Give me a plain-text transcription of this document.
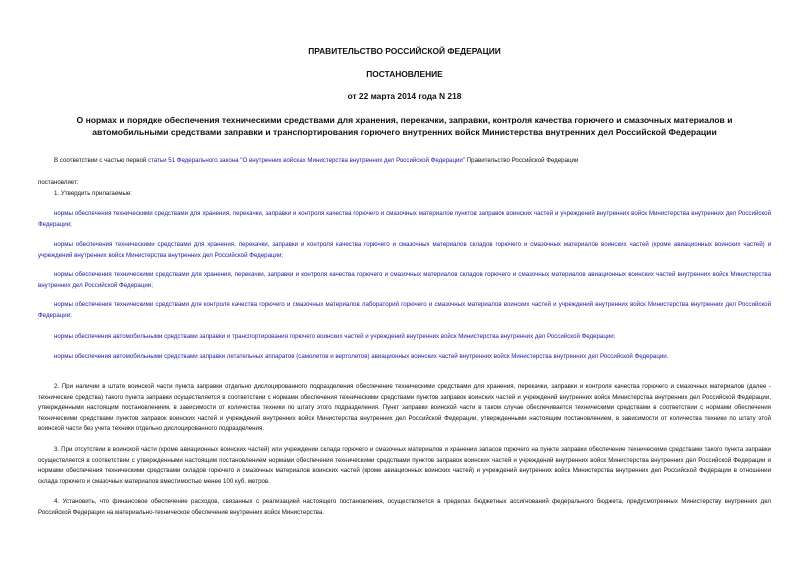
ПРАВИТЕЛЬСТВО РОССИЙСКОЙ ФЕДЕРАЦИИ
ПОСТАНОВЛЕНИЕ
от 22 марта 2014 года N 218
О нормах и порядке обеспечения техническими средствами для хранения, перекачки, заправки, контроля качества горючего и смазочных материалов и автомобильными средствами заправки и транспортирования горючего внутренних войск Министерства внутренних дел Российской Федерации
В соответствии с частью первой статьи 51 Федерального закона "О внутренних войсках Министерства внутренних дел Российской Федерации" Правительство Российской Федерации
постановляет:
1. Утвердить прилагаемые:
нормы обеспечения техническими средствами для хранения, перекачки, заправки и контроля качества горючего и смазочных материалов пунктов заправок воинских частей и учреждений внутренних войск Министерства внутренних дел Российской Федерации;
нормы обеспечения техническими средствами для хранения, перекачки, заправки и контроля качества горючего и смазочных материалов складов горючего и смазочных материалов воинских частей (кроме авиационных воинских частей) и учреждений внутренних войск Министерства внутренних дел Российской Федерации;
нормы обеспечения техническими средствами для хранения, перекачки, заправки и контроля качества горючего и смазочных материалов складов горючего и смазочных материалов авиационных воинских частей внутренних войск Министерства внутренних дел Российской Федерации;
нормы обеспечения техническими средствами для контроля качества горючего и смазочных материалов лабораторий горючего и смазочных материалов воинских частей и учреждений внутренних войск Министерства внутренних дел Российской Федерации;
нормы обеспечения автомобильными средствами заправки и транспортирования горючего воинских частей и учреждений внутренних войск Министерства внутренних дел Российской Федерации;
нормы обеспечения автомобильными средствами заправки летательных аппаратов (самолетов и вертолетов) авиационных воинских частей внутренних войск Министерства внутренних дел Российской Федерации.
2. При наличии в штате воинской части пункта заправки отдельно дислоцированного подразделения обеспечение техническими средствами для хранения, перекачки, заправки и контроля качества горючего и смазочных материалов (далее - технические средства) такого пункта заправки осуществляется в соответствии с нормами обеспечения техническими средствами пунктов заправок воинских частей и учреждений внутренних войск Министерства внутренних дел Российской Федерации, утвержденными настоящим постановлением, в зависимости от количества техники по штату этого подразделения. Пункт заправки воинской части в таком случае обеспечивается техническими средствами в соответствии с нормами обеспечения техническими средствами пунктов заправок воинских частей и учреждений внутренних войск Министерства внутренних дел Российской Федерации, утвержденными настоящим постановлением, в зависимости от количества техники по штату этой воинской части без учета техники отдельно дислоцированного подразделения.
3. При отсутствии в воинской части (кроме авиационных воинских частей) или учреждении склада горючего и смазочных материалов и хранении запасов горючего на пункте заправки обеспечение техническими средствами такого пункта заправки осуществляется в соответствии с утвержденными настоящим постановлением нормами обеспечения техническими средствами пунктов заправок воинских частей и учреждений внутренних войск Министерства внутренних дел Российской Федерации и нормами обеспечения техническими средствами складов горючего и смазочных материалов воинских частей (кроме авиационных воинских частей) и учреждений внутренних войск Министерства внутренних дел Российской Федерации в отношении склада горючего и смазочных материалов вместимостью менее 100 куб. метров.
4. Установить, что финансовое обеспечение расходов, связанных с реализацией настоящего постановления, осуществляется в пределах бюджетных ассигнований федерального бюджета, предусмотренных Министерству внутренних дел Российской Федерации на материально-техническое обеспечение внутренних войск Министерства.
